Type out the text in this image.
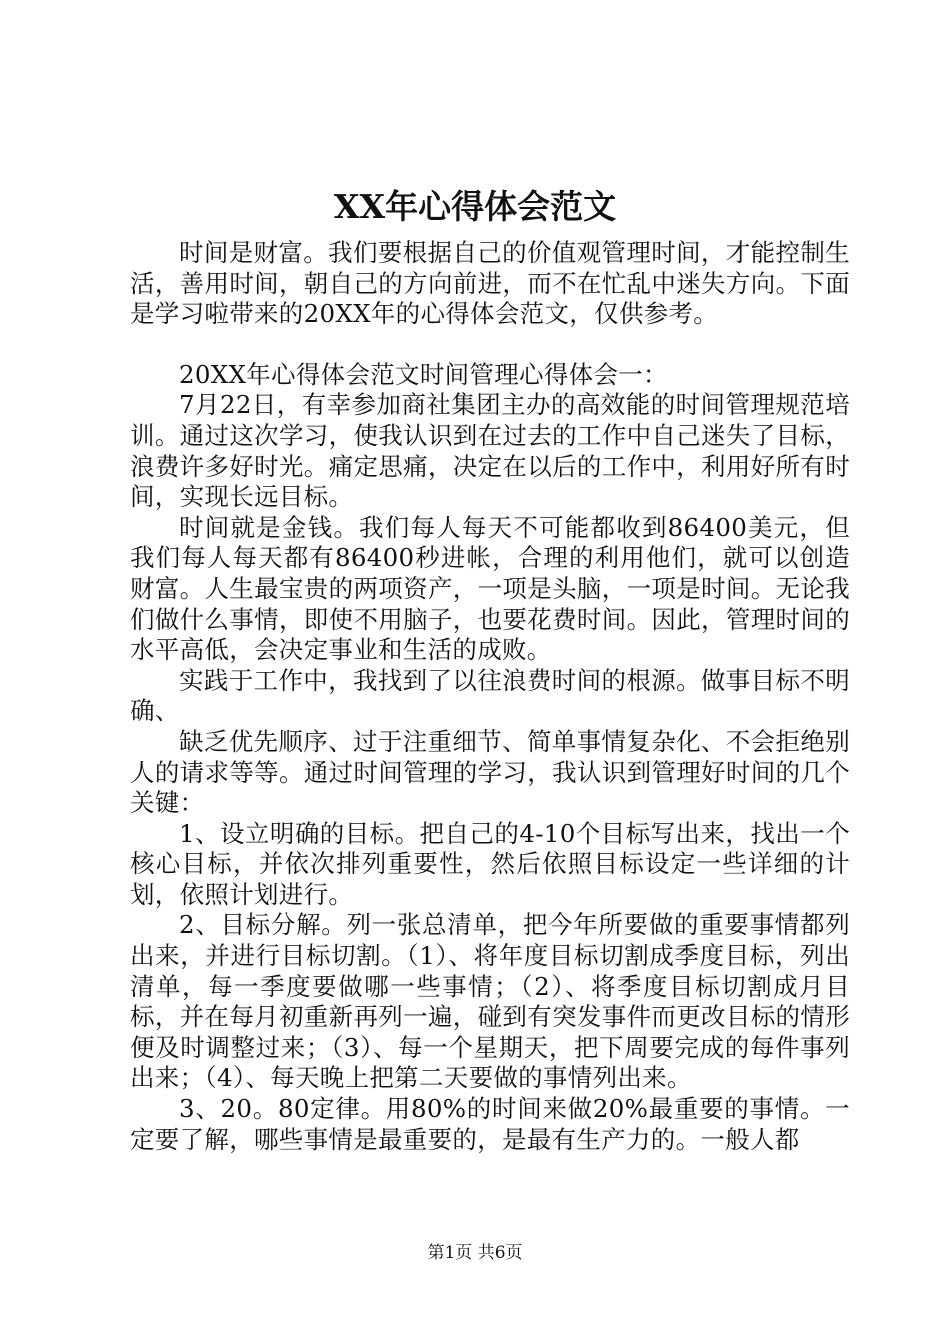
XX年心得体会范文

时间是财富。我们要根据自己的价值观管理时间，才能控制生活，善用时间，朝自己的方向前进，而不在忙乱中迷失方向。下面是学习啦带来的20XX年的心得体会范文，仅供参考。

20XX年心得体会范文时间管理心得体会一：

7月22日，有幸参加商社集团主办的高效能的时间管理规范培训。通过这次学习，使我认识到在过去的工作中自己迷失了目标，浪费许多好时光。痛定思痛，决定在以后的工作中，利用好所有时间，实现长远目标。

时间就是金钱。我们每人每天不可能都收到86400美元，但我们每人每天都有86400秒进帐，合理的利用他们，就可以创造财富。人生最宝贵的两项资产，一项是头脑，一项是时间。无论我们做什么事情，即使不用脑子，也要花费时间。因此，管理时间的水平高低，会决定事业和生活的成败。

实践于工作中，我找到了以往浪费时间的根源。做事目标不明确、

缺乏优先顺序、过于注重细节、简单事情复杂化、不会拒绝别人的请求等等。通过时间管理的学习，我认识到管理好时间的几个关键：

1、设立明确的目标。把自己的4-10个目标写出来，找出一个核心目标，并依次排列重要性，然后依照目标设定一些详细的计划，依照计划进行。

2、目标分解。列一张总清单，把今年所要做的重要事情都列出来，并进行目标切割。（1）、将年度目标切割成季度目标，列出清单，每一季度要做哪一些事情；（2）、将季度目标切割成月目标，并在每月初重新再列一遍，碰到有突发事件而更改目标的情形便及时调整过来；（3）、每一个星期天，把下周要完成的每件事列出来；（4）、每天晚上把第二天要做的事情列出来。

3、20。80定律。用80%的时间来做20%最重要的事情。一定要了解，哪些事情是最重要的，是最有生产力的。一般人都

第1页 共6页
